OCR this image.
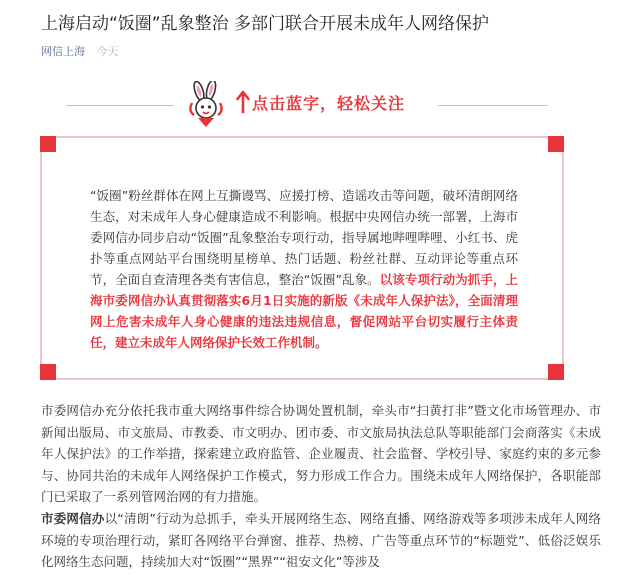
上海启动“饭圈”乱象整治 多部门联合开展未成年人网络保护
网信上海 今天
点击蓝字，轻松关注

“饭圈”粉丝群体在网上互撕谩骂、应援打榜、造谣攻击等问题，破坏清朗网络生态，对未成年人身心健康造成不利影响。根据中央网信办统一部署，上海市委网信办同步启动“饭圈”乱象整治专项行动，指导属地哔哩哔哩、小红书、虎扑等重点网站平台围绕明星榜单、热门话题、粉丝社群、互动评论等重点环节，全面自查清理各类有害信息，整治“饭圈”乱象。以该专项行动为抓手，上海市委网信办认真贯彻落实6月1日实施的新版《未成年人保护法》，全面清理网上危害未成年人身心健康的违法违规信息，督促网站平台切实履行主体责任，建立未成年人网络保护长效工作机制。

市委网信办充分依托我市重大网络事件综合协调处置机制，牵头市“扫黄打非”暨文化市场管理办、市新闻出版局、市文旅局、市教委、市文明办、团市委、市文旅局执法总队等职能部门会商落实《未成年人保护法》的工作举措，探索建立政府监管、企业履责、社会监督、学校引导、家庭约束的多元参与、协同共治的未成年人网络保护工作模式，努力形成工作合力。围绕未成年人网络保护，各职能部门已采取了一系列管网治网的有力措施。

市委网信办以“清朗”行动为总抓手，牵头开展网络生态、网络直播、网络游戏等多项涉未成年人网络环境的专项治理行动，紧盯各网络平台弹窗、推荐、热榜、广告等重点环节的“标题党”、低俗泛娱乐化网络生态问题，持续加大对“饭圈”“黑界”“祖安文化”等涉及
